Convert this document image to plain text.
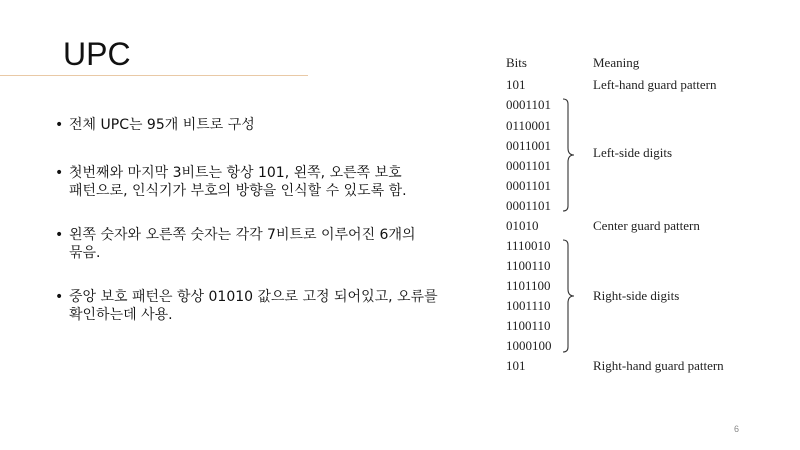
UPC
• 전체 UPC는 95개 비트로 구성
• 첫번째와 마지막 3비트는 항상 101, 왼쪽, 오른쪽 보호
패턴으로, 인식기가 부호의 방향을 인식할 수 있도록 함.
• 왼쪽 숫자와 오른쪽 숫자는 각각 7비트로 이루어진 6개의
묶음.
• 중앙 보호 패턴은 항상 01010 값으로 고정 되어있고, 오류를
확인하는데 사용.
Bits	Meaning
101
0001101
0110001
0011001
0001101
0001101
0001101
01010
1110010
1100110
1101100
1001110
1100110
1000100
101
Left-hand guard pattern
Left-side digits
Center guard pattern
Right-side digits
Right-hand guard pattern
6
